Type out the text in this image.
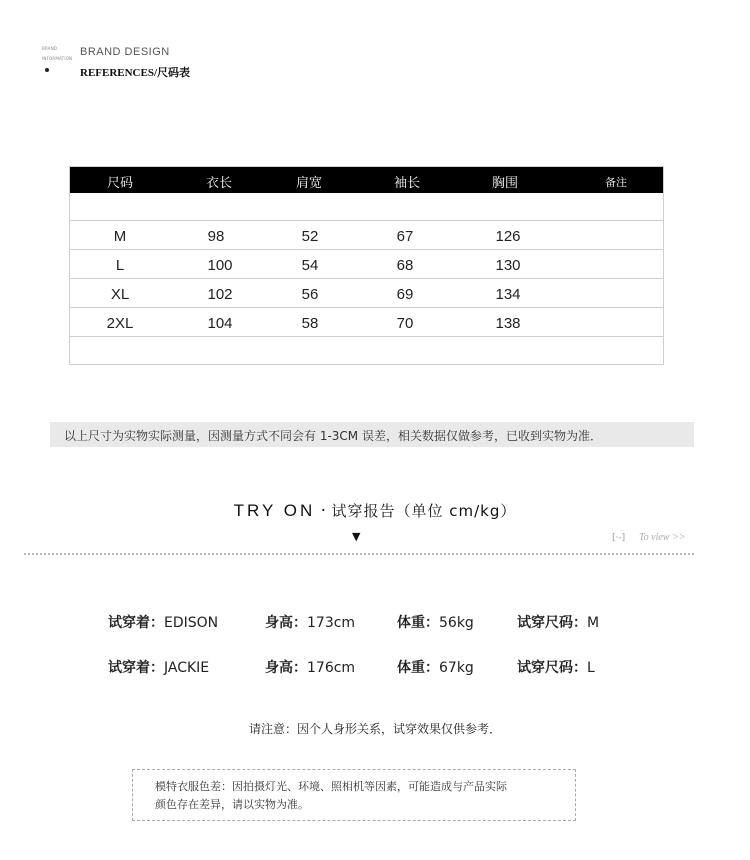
BRAND
INFORMATION
BRAND DESIGN
REFERENCES/尺码表
尺码	衣长	肩宽	袖长	胸围	备注
M	98	52	67	126
L	100	54	68	130
XL	102	56	69	134
2XL	104	58	70	138
以上尺寸为实物实际测量，因测量方式不同会有 1-3CM 误差，相关数据仅做参考，已收到实物为准．
TRY ON · 试穿报告（单位 cm/kg）
▼	[·-] To view >>
试穿着：EDISON	身高：173cm	体重：56kg	试穿尺码：M
试穿着：JACKIE	身高：176cm	体重：67kg	试穿尺码：L
请注意：因个人身形关系，试穿效果仅供参考．
模特衣服色差：因拍摄灯光、环境、照相机等因素，可能造成与产品实际
颜色存在差异，请以实物为准。
